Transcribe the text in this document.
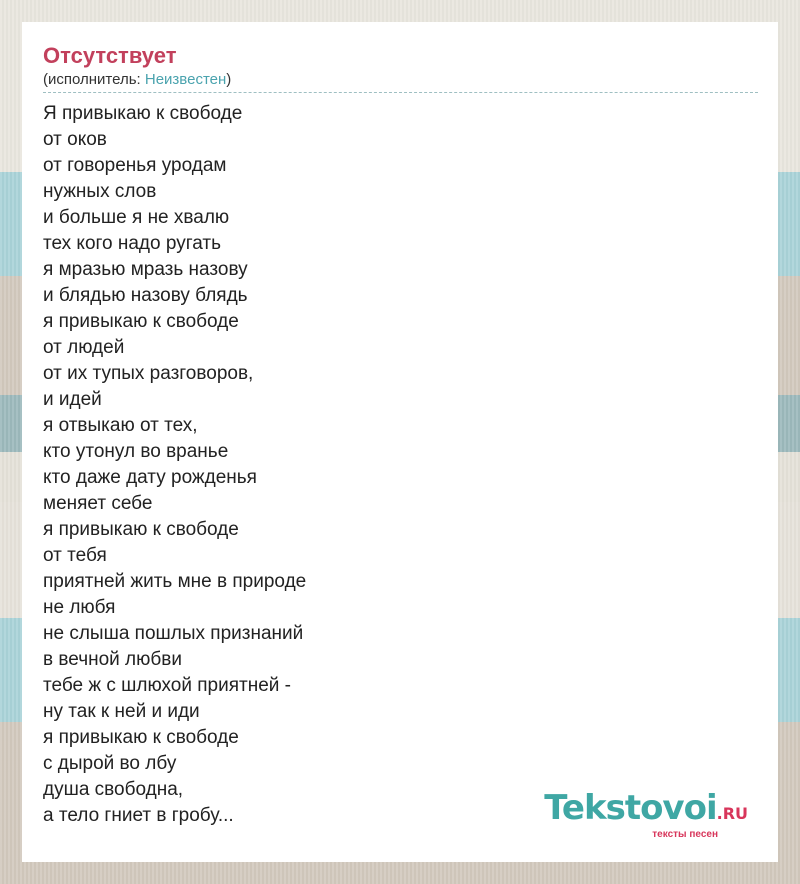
Отсутствует
(исполнитель: Неизвестен)
Я привыкаю к свободе
от оков
от говоренья уродам
нужных слов
и больше я не хвалю
тех кого надо ругать
я мразью мразь назову
и блядью назову блядь
я привыкаю к свободе
от людей
от их тупых разговоров,
и идей
я отвыкаю от тех,
кто утонул во вранье
кто даже дату рожденья
меняет себе
я привыкаю к свободе
от тебя
приятней жить мне в природе
не любя
не слыша пошлых признаний
в вечной любви
тебе ж с шлюхой приятней -
ну так к ней и иди
я привыкаю к свободе
с дырой во лбу
душа свободна,
а тело гниет в гробу...	Tekstovoi.RU
тексты песен
